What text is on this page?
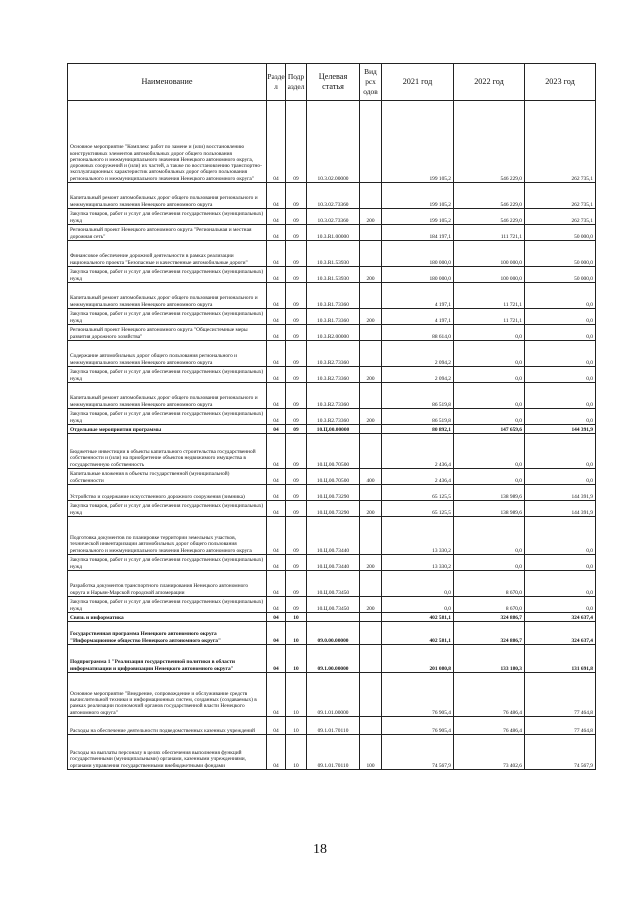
Наименование	Разде л	Подр аздел	Целевая статья	Вид рсх одов	2021 год	2022 год	2023 год
Основное мероприятие "Комплекс работ по замене и (или) восстановлению конструктивных элементов автомобильных дорог общего пользования регионального и межмуниципального значения Ненецкого автономного округа, дорожных сооружений и (или) их частей, а также по восстановлению транспортно-эксплуатационных характеристик автомобильных дорог общего пользования регионального и межмуниципального значения Ненецкого автономного округа"	04	09	10.3.02.00000		199 105,2	546 229,0	262 735,1
Капитальный ремонт автомобильных дорог общего пользования регионального и межмуниципального значения Ненецкого автономного округа	04	09	10.3.02.73360		199 105,2	546 229,0	262 735,1
Закупка товаров, работ и услуг для обеспечения государственных (муниципальных) нужд	04	09	10.3.02.73360	200	199 105,2	546 229,0	262 735,1
Региональный проект Ненецкого автономного округа "Региональная и местная дорожная сеть"	04	09	10.3.R1.00000		184 197,1	111 721,1	50 000,0
Финансовое обеспечение дорожной деятельности в рамках реализации национального проекта "Безопасные и качественные автомобильные дороги"	04	09	10.3.R1.53930		180 000,0	100 000,0	50 000,0
Закупка товаров, работ и услуг для обеспечения государственных (муниципальных) нужд	04	09	10.3.R1.53930	200	180 000,0	100 000,0	50 000,0
Капитальный ремонт автомобильных дорог общего пользования регионального и межмуниципального значения Ненецкого автономного округа	04	09	10.3.R1.73360		4 197,1	11 721,1	0,0
Закупка товаров, работ и услуг для обеспечения государственных (муниципальных) нужд	04	09	10.3.R1.73360	200	4 197,1	11 721,1	0,0
Региональный проект Ненецкого автономного округа "Общесистемные меры развития дорожного хозяйства"	04	09	10.3.R2.00000		88 614,0	0,0	0,0
Содержание автомобильных дорог общего пользования регионального и межмуниципального значения Ненецкого автономного округа	04	09	10.3.R2.73360		2 094,2	0,0	0,0
Закупка товаров, работ и услуг для обеспечения государственных (муниципальных) нужд	04	09	10.3.R2.73360	200	2 094,2	0,0	0,0
Капитальный ремонт автомобильных дорог общего пользования регионального и межмуниципального значения Ненецкого автономного округа	04	09	10.3.R2.73360		86 519,8	0,0	0,0
Закупка товаров, работ и услуг для обеспечения государственных (муниципальных) нужд	04	09	10.3.R2.73360	200	86 519,8	0,0	0,0
Отдельные мероприятия программы	04	09	10.Ц.00.00000		80 892,1	147 659,6	144 391,9
Бюджетные инвестиции в объекты капитального строительства государственной собственности и (или) на приобретение объектов недвижимого имущества в государственную собственность	04	09	10.Ц.00.70500		2 436,4	0,0	0,0
Капитальные вложения в объекты государственной (муниципальной) собственности	04	09	10.Ц.00.70500	400	2 436,4	0,0	0,0
Устройство и содержание искусственного дорожного сооружения (зимника)	04	09	10.Ц.00.73290		65 125,5	138 989,6	144 391,9
Закупка товаров, работ и услуг для обеспечения государственных (муниципальных) нужд	04	09	10.Ц.00.73290	200	65 125,5	138 989,6	144 391,9
Подготовка документов по планировке территории земельных участков, технической инвентаризации автомобильных дорог общего пользования регионального и межмуниципального значения Ненецкого автономного округа	04	09	10.Ц.00.73440		13 330,2	0,0	0,0
Закупка товаров, работ и услуг для обеспечения государственных (муниципальных) нужд	04	09	10.Ц.00.73440	200	13 330,2	0,0	0,0
Разработка документов транспортного планирования Ненецкого автономного округа и Нарьян-Марской городской агломерации	04	09	10.Ц.00.73450		0,0	8 670,0	0,0
Закупка товаров, работ и услуг для обеспечения государственных (муниципальных) нужд	04	09	10.Ц.00.73450	200	0,0	8 670,0	0,0
Связь и информатика	04	10			402 581,1	324 886,7	324 637,4
Государственная программа Ненецкого автономного округа "Информационное общество Ненецкого автономного округа"	04	10	09.0.00.00000		402 581,1	324 886,7	324 637,4
Подпрограмма 1 "Реализация государственной политики в области информатизации и цифровизации Ненецкого автономного округа"	04	10	09.1.00.00000		201 080,8	133 180,3	131 691,8
Основное мероприятие "Внедрение, сопровождение и обслуживание средств вычислительной техники и информационных систем, созданных (создаваемых) в рамках реализации полномочий органов государственной власти Ненецкого автономного округа"	04	10	09.1.01.00000		76 905,4	76 486,4	77 464,8
Расходы на обеспечение деятельности подведомственных казенных учреждений	04	10	09.1.01.70110		76 905,4	76 486,4	77 464,8
Расходы на выплаты персоналу в целях обеспечения выполнения функций государственными (муниципальными) органами, казенными учреждениями, органами управления государственными внебюджетными фондами	04	10	09.1.01.70110	100	74 567,9	73 402,6	74 567,9
18
